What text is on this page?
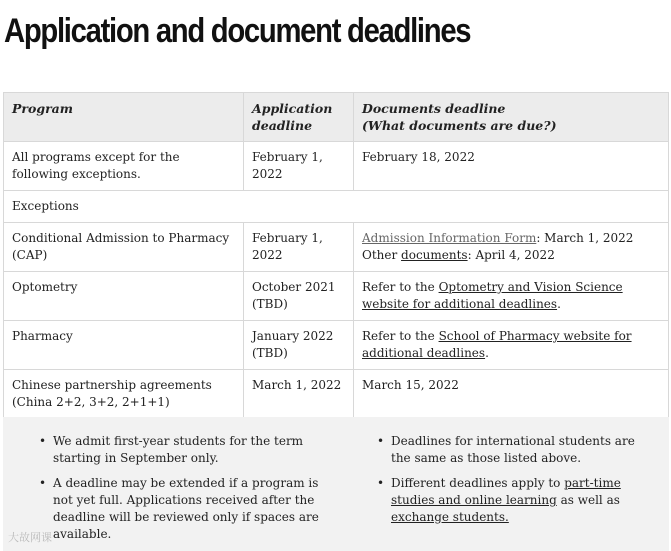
Application and document deadlines
Program	Application deadline	Documents deadline
(What documents are due?)
All programs except for the following exceptions.	February 1, 2022	February 18, 2022
Exceptions		
Conditional Admission to Pharmacy (CAP)	February 1, 2022	Admission Information Form: March 1, 2022
Other documents: April 4, 2022
Optometry	October 2021 (TBD)	Refer to the Optometry and Vision Science website for additional deadlines.
Pharmacy	January 2022 (TBD)	Refer to the School of Pharmacy website for additional deadlines.
Chinese partnership agreements (China 2+2, 3+2, 2+1+1)	March 1, 2022	March 15, 2022
• We admit first-year students for the term starting in September only.
• A deadline may be extended if a program is not yet full. Applications received after the deadline will be reviewed only if spaces are available.
• Deadlines for international students are the same as those listed above.
• Different deadlines apply to part-time studies and online learning as well as exchange students.
大故网课
